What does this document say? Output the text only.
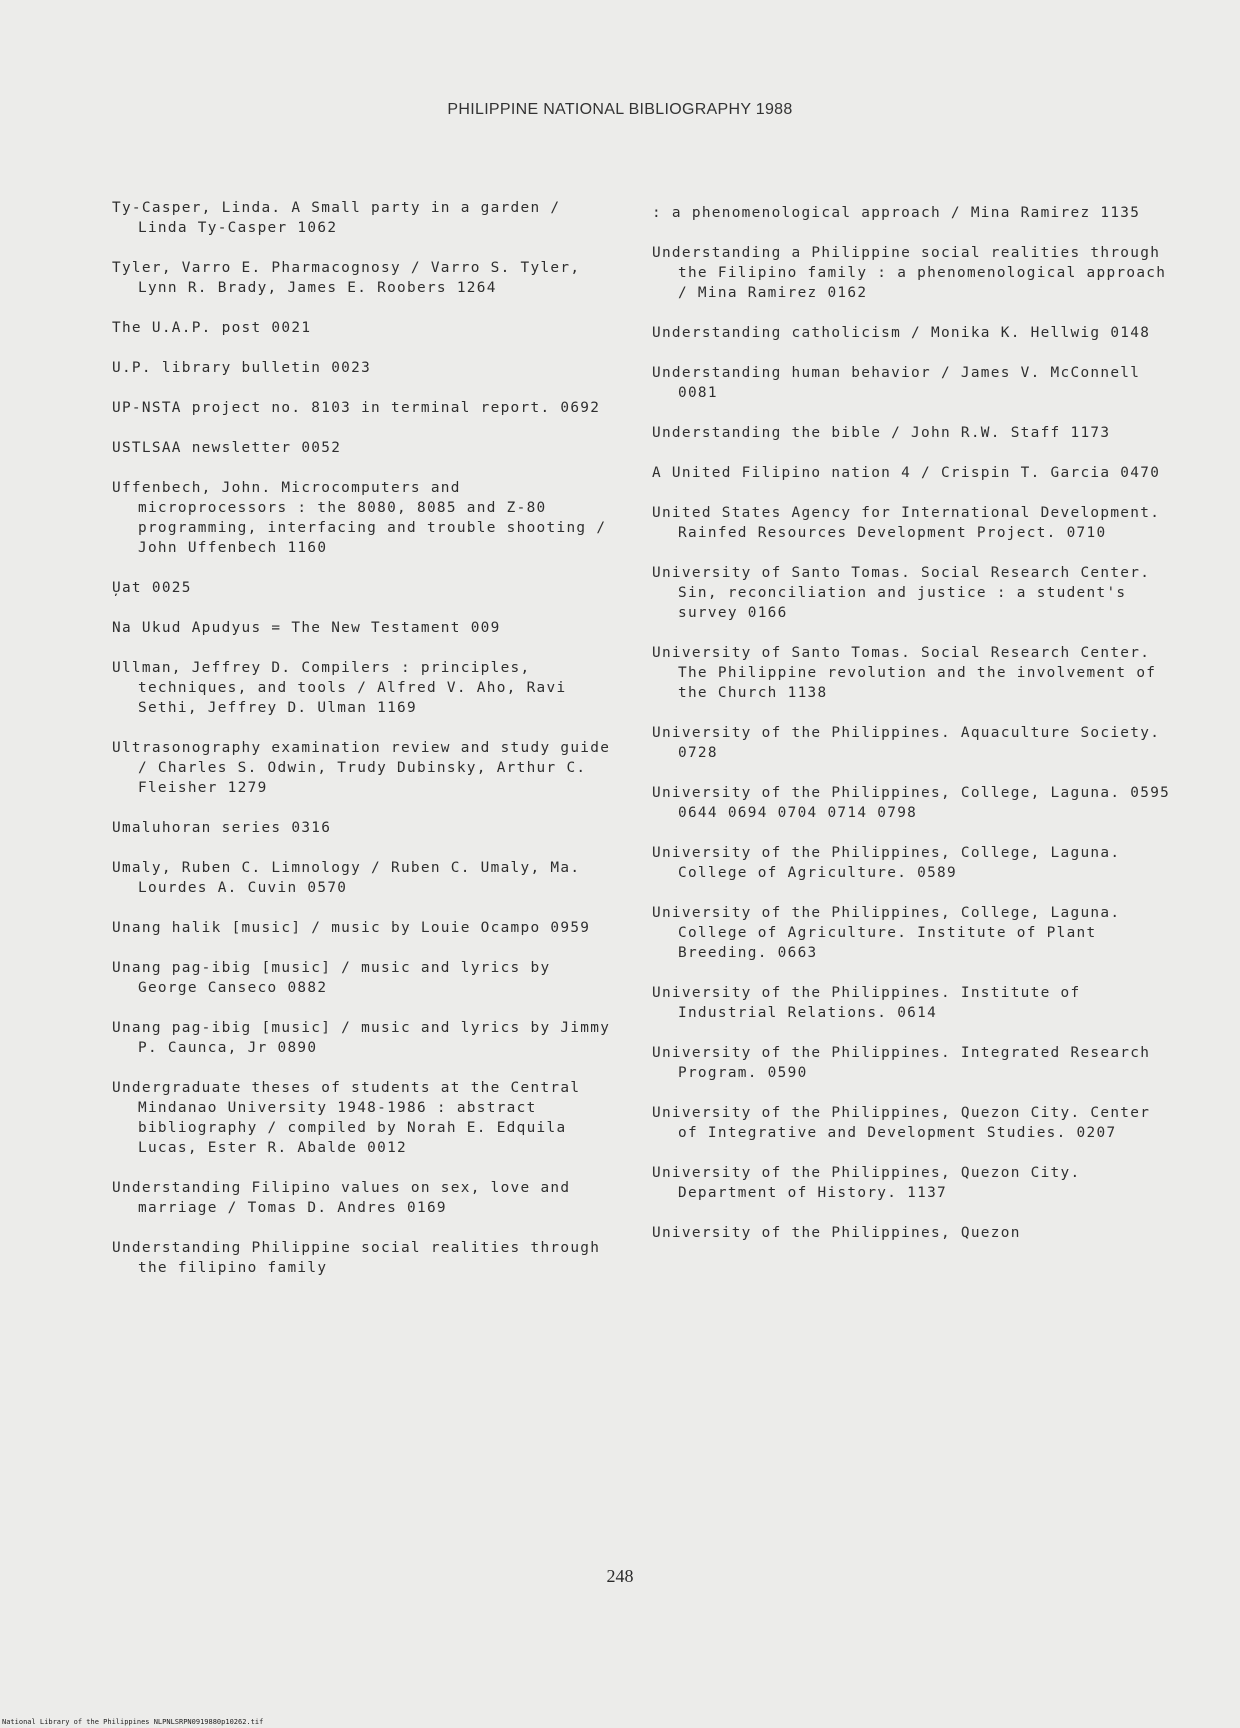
PHILIPPINE NATIONAL BIBLIOGRAPHY 1988

Ty-Casper, Linda. A Small party in a garden / Linda Ty-Casper 1062

Tyler, Varro E. Pharmacognosy / Varro S. Tyler, Lynn R. Brady, James E. Roobers 1264

The U.A.P. post 0021

U.P. library bulletin 0023

UP-NSTA project no. 8103 in terminal report. 0692

USTLSAA newsletter 0052

Uffenbech, John. Microcomputers and microprocessors : the 8080, 8085 and Z-80 programming, interfacing and trouble shooting / John Uffenbech 1160

U̦at 0025

Na Ukud Apudyus = The New Testament 009

Ullman, Jeffrey D. Compilers : principles, techniques, and tools / Alfred V. Aho, Ravi Sethi, Jeffrey D. Ulman 1169

Ultrasonography examination review and study guide / Charles S. Odwin, Trudy Dubinsky, Arthur C. Fleisher 1279

Umaluhoran series 0316

Umaly, Ruben C. Limnology / Ruben C. Umaly, Ma. Lourdes A. Cuvin 0570

Unang halik [music] / music by Louie Ocampo 0959

Unang pag-ibig [music] / music and lyrics by George Canseco 0882

Unang pag-ibig [music] / music and lyrics by Jimmy P. Caunca, Jr 0890

Undergraduate theses of students at the Central Mindanao University 1948-1986 : abstract bibliography / compiled by Norah E. Edquila Lucas, Ester R. Abalde 0012

Understanding Filipino values on sex, love and marriage / Tomas D. Andres 0169

Understanding Philippine social realities through the filipino family

: a phenomenological approach / Mina Ramirez 1135

Understanding a Philippine social realities through the Filipino family : a phenomenological approach / Mina Ramirez 0162

Understanding catholicism / Monika K. Hellwig 0148

Understanding human behavior / James V. McConnell 0081

Understanding the bible / John R.W. Staff 1173

A United Filipino nation 4 / Crispin T. Garcia 0470

United States Agency for International Development. Rainfed Resources Development Project. 0710

University of Santo Tomas. Social Research Center. Sin, reconciliation and justice : a student's survey 0166

University of Santo Tomas. Social Research Center. The Philippine revolution and the involvement of the Church 1138

University of the Philippines. Aquaculture Society. 0728

University of the Philippines, College, Laguna. 0595 0644 0694 0704 0714 0798

University of the Philippines, College, Laguna. College of Agriculture. 0589

University of the Philippines, College, Laguna. College of Agriculture. Institute of Plant Breeding. 0663

University of the Philippines. Institute of Industrial Relations. 0614

University of the Philippines. Integrated Research Program. 0590

University of the Philippines, Quezon City. Center of Integrative and Development Studies. 0207

University of the Philippines, Quezon City. Department of History. 1137

University of the Philippines, Quezon

248
National Library of the Philippines NLPNLSRPN0919880p10262.tif
